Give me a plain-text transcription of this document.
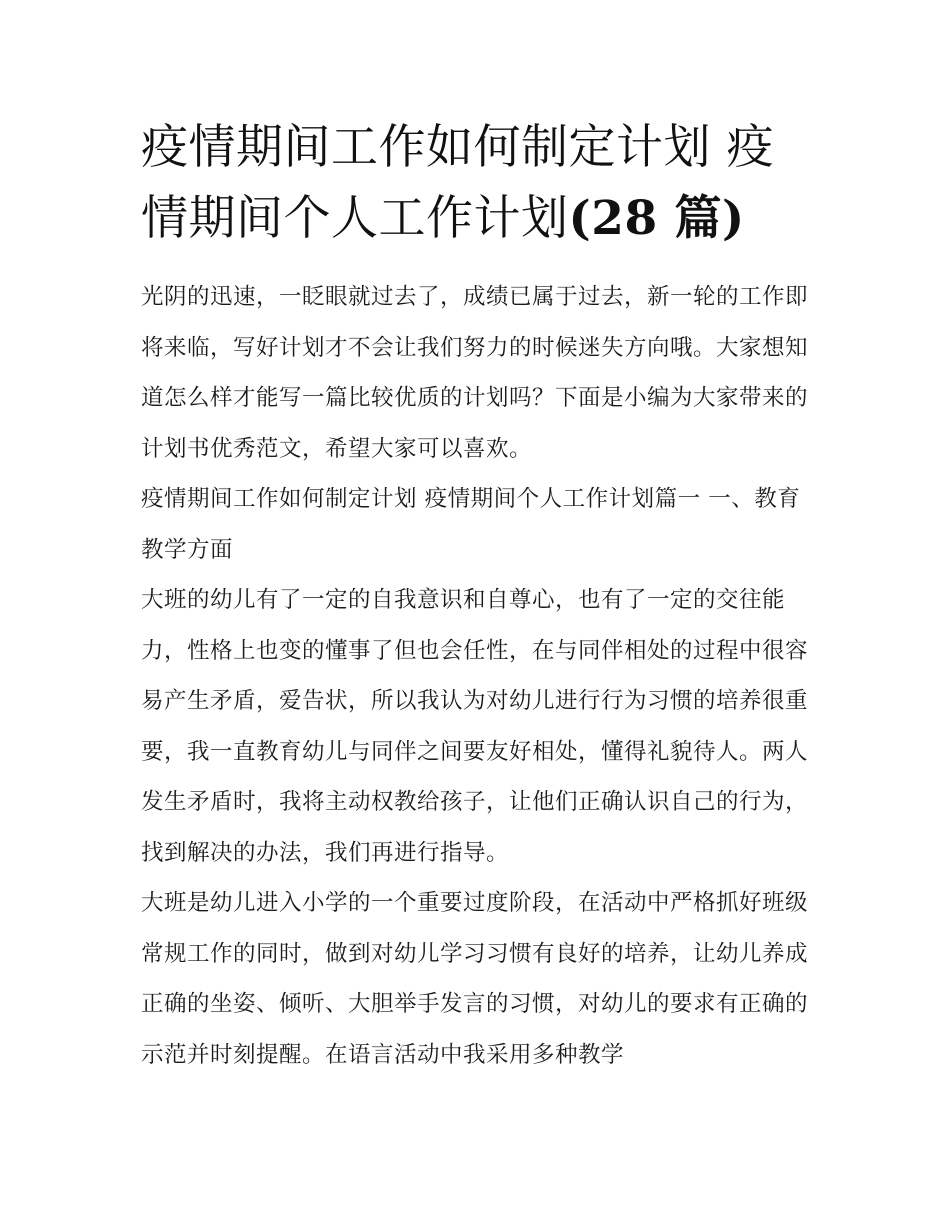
疫情期间工作如何制定计划 疫情期间个人工作计划(28 篇)

光阴的迅速，一眨眼就过去了，成绩已属于过去，新一轮的工作即将来临，写好计划才不会让我们努力的时候迷失方向哦。大家想知道怎么样才能写一篇比较优质的计划吗？下面是小编为大家带来的计划书优秀范文，希望大家可以喜欢。

疫情期间工作如何制定计划 疫情期间个人工作计划篇一 一、教育教学方面

大班的幼儿有了一定的自我意识和自尊心，也有了一定的交往能力，性格上也变的懂事了但也会任性，在与同伴相处的过程中很容易产生矛盾，爱告状，所以我认为对幼儿进行行为习惯的培养很重要，我一直教育幼儿与同伴之间要友好相处，懂得礼貌待人。两人发生矛盾时，我将主动权教给孩子，让他们正确认识自己的行为，找到解决的办法，我们再进行指导。

大班是幼儿进入小学的一个重要过度阶段，在活动中严格抓好班级常规工作的同时，做到对幼儿学习习惯有良好的培养，让幼儿养成正确的坐姿、倾听、大胆举手发言的习惯，对幼儿的要求有正确的示范并时刻提醒。在语言活动中我采用多种教学
